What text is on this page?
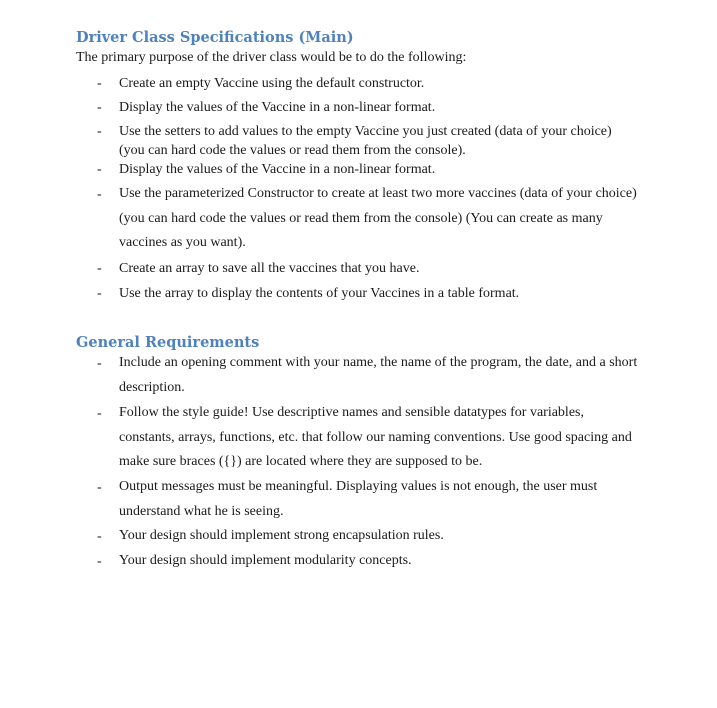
Driver Class Specifications (Main)

The primary purpose of the driver class would be to do the following:

- Create an empty Vaccine using the default constructor.

- Display the values of the Vaccine in a non-linear format.

- Use the setters to add values to the empty Vaccine you just created (data of your choice) (you can hard code the values or read them from the console).

- Display the values of the Vaccine in a non-linear format.

- Use the parameterized Constructor to create at least two more vaccines (data of your choice) (you can hard code the values or read them from the console) (You can create as many vaccines as you want).

- Create an array to save all the vaccines that you have.

- Use the array to display the contents of your Vaccines in a table format.

General Requirements
- Include an opening comment with your name, the name of the program, the date, and a short description.

- Follow the style guide! Use descriptive names and sensible datatypes for variables, constants, arrays, functions, etc. that follow our naming conventions. Use good spacing and make sure braces ({}) are located where they are supposed to be.

- Output messages must be meaningful. Displaying values is not enough, the user must understand what he is seeing.

- Your design should implement strong encapsulation rules.

- Your design should implement modularity concepts.
